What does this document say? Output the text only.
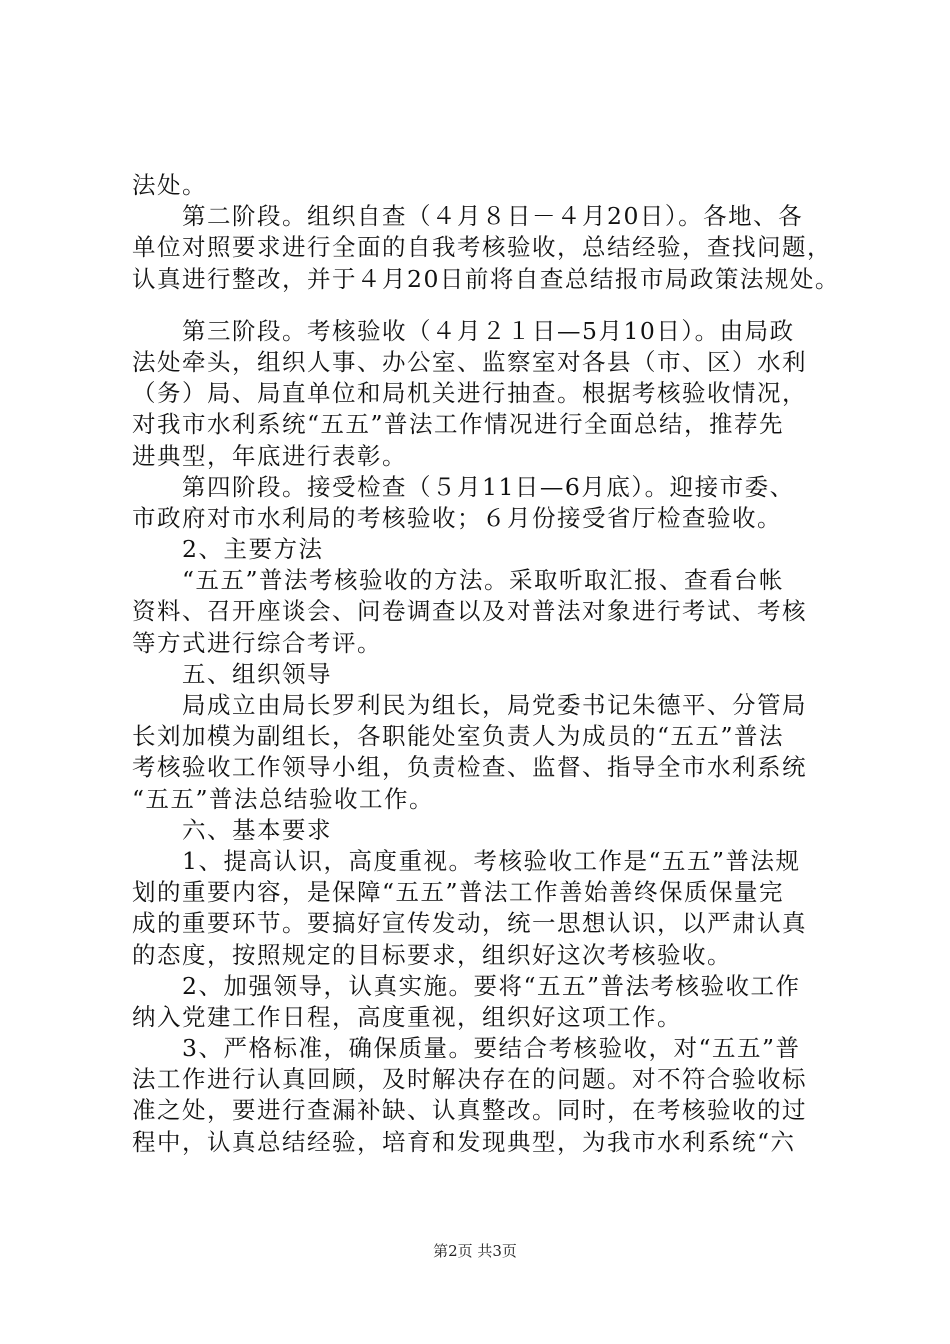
法处。
　　第二阶段。组织自查（４月８日－４月20日）。各地、各
单位对照要求进行全面的自我考核验收，总结经验，查找问题，
认真进行整改，并于４月20日前将自查总结报市局政策法规处。
　　第三阶段。考核验收（４月２１日—5月10日）。由局政
法处牵头，组织人事、办公室、监察室对各县（市、区）水利
（务）局、局直单位和局机关进行抽查。根据考核验收情况，
对我市水利系统“五五”普法工作情况进行全面总结，推荐先
进典型，年底进行表彰。
　　第四阶段。接受检查（５月11日—6月底）。迎接市委、
市政府对市水利局的考核验收；６月份接受省厅检查验收。
　　2、主要方法
　　“五五”普法考核验收的方法。采取听取汇报、查看台帐
资料、召开座谈会、问卷调查以及对普法对象进行考试、考核
等方式进行综合考评。
　　五、组织领导
　　局成立由局长罗利民为组长，局党委书记朱德平、分管局
长刘加模为副组长，各职能处室负责人为成员的“五五”普法
考核验收工作领导小组，负责检查、监督、指导全市水利系统
“五五”普法总结验收工作。
　　六、基本要求
　　1、提高认识，高度重视。考核验收工作是“五五”普法规
划的重要内容，是保障“五五”普法工作善始善终保质保量完
成的重要环节。要搞好宣传发动，统一思想认识，以严肃认真
的态度，按照规定的目标要求，组织好这次考核验收。
　　2、加强领导，认真实施。要将“五五”普法考核验收工作
纳入党建工作日程，高度重视，组织好这项工作。
　　3、严格标准，确保质量。要结合考核验收，对“五五”普
法工作进行认真回顾，及时解决存在的问题。对不符合验收标
准之处，要进行查漏补缺、认真整改。同时，在考核验收的过
程中，认真总结经验，培育和发现典型，为我市水利系统“六
第2页 共3页
